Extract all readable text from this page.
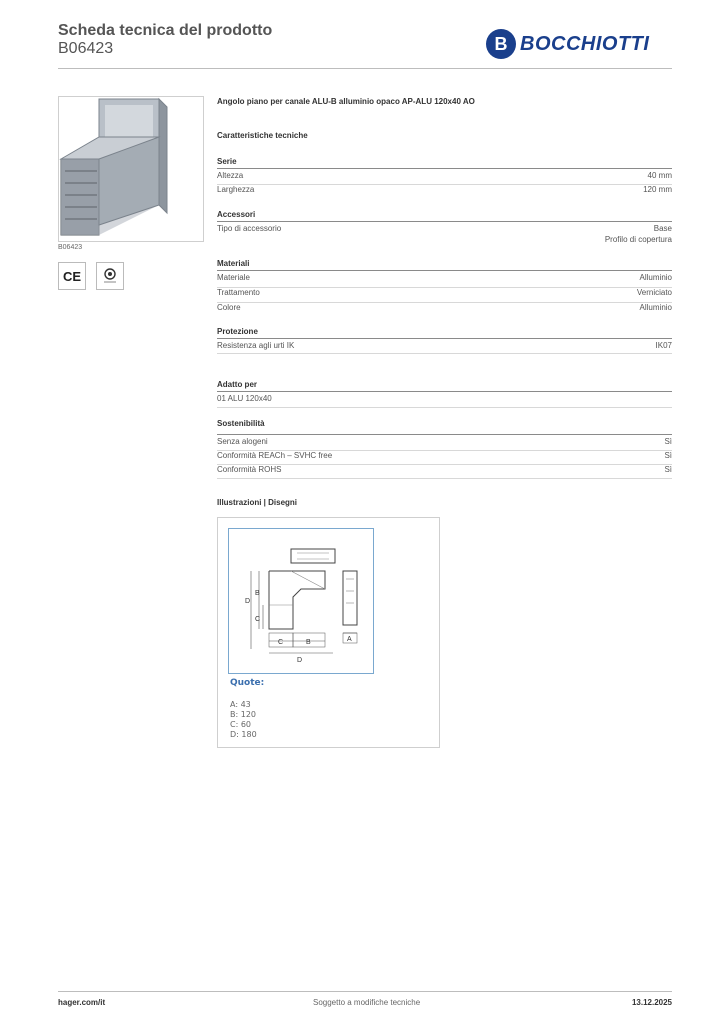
Scheda tecnica del prodotto
B06423	B BOCCHIOTTI
B06423
CE
Angolo piano per canale ALU-B alluminio opaco AP-ALU 120x40 AO
Caratteristiche tecniche
Serie
Altezza	40 mm
Larghezza	120 mm
Accessori
Tipo di accessorio	Base
Profilo di copertura
Materiali
Materiale	Alluminio
Trattamento	Verniciato
Colore	Alluminio
Protezione
Resistenza agli urti IK	IK07
Adatto per
01 ALU 120x40
Sostenibilità
Senza alogeni	Sì
Conformità REACh – SVHC free	Sì
Conformità ROHS	Sì
Illustrazioni | Disegni
D
B
C
C	B
D
A
Quote:
A: 43
B: 120
C: 60
D: 180
hager.com/it	Soggetto a modifiche tecniche	13.12.2025
